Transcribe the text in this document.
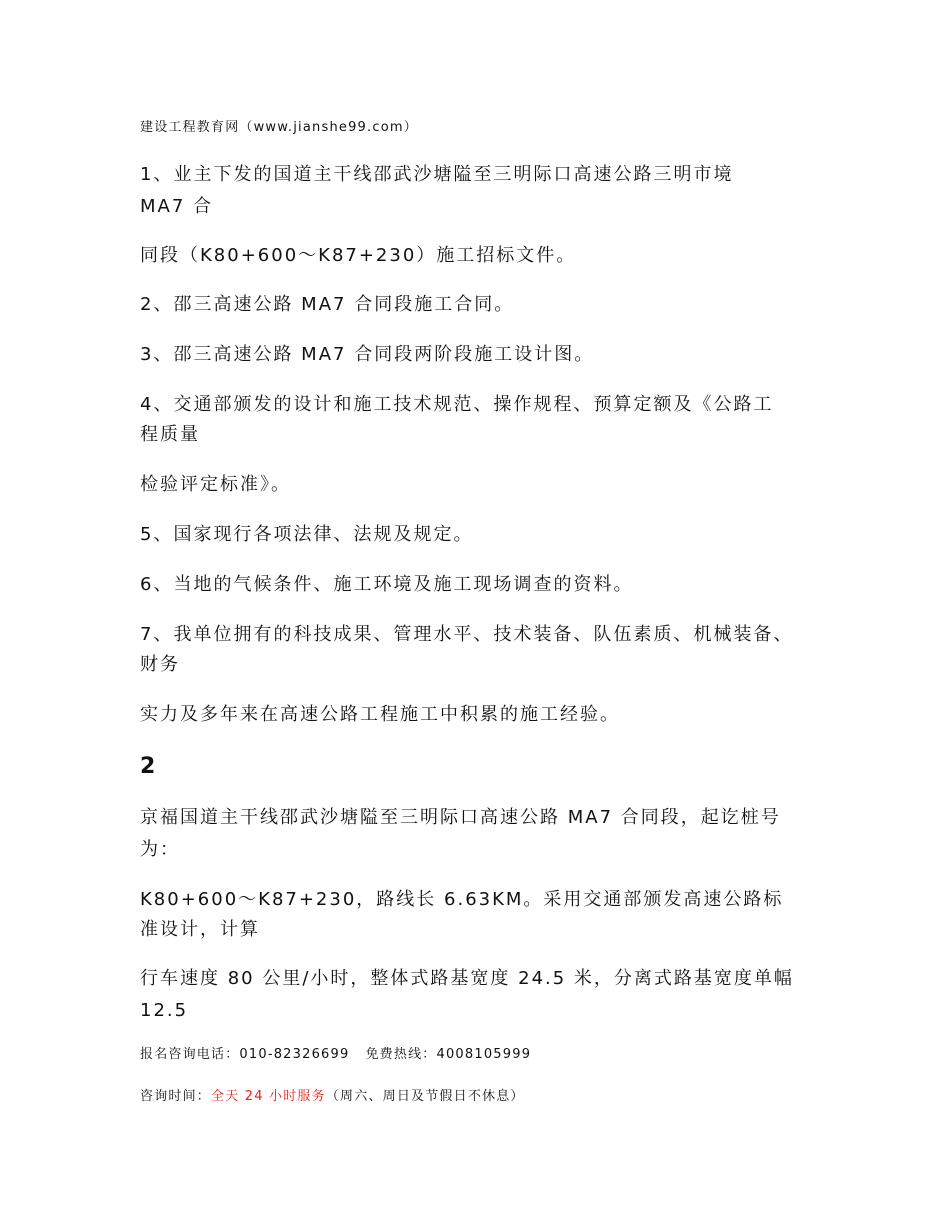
建设工程教育网（www.jianshe99.com）
1、业主下发的国道主干线邵武沙塘隘至三明际口高速公路三明市境
MA7 合
同段（K80+600～K87+230）施工招标文件。
2、邵三高速公路 MA7 合同段施工合同。
3、邵三高速公路 MA7 合同段两阶段施工设计图。
4、交通部颁发的设计和施工技术规范、操作规程、预算定额及《公路工
程质量
检验评定标准》。
5、国家现行各项法律、法规及规定。
6、当地的气候条件、施工环境及施工现场调查的资料。
7、我单位拥有的科技成果、管理水平、技术装备、队伍素质、机械装备、
财务
实力及多年来在高速公路工程施工中积累的施工经验。
2
京福国道主干线邵武沙塘隘至三明际口高速公路 MA7 合同段，起讫桩号
为：
K80+600～K87+230，路线长 6.63KM。采用交通部颁发高速公路标
准设计，计算
行车速度 80 公里/小时，整体式路基宽度 24.5 米，分离式路基宽度单幅
12.5
报名咨询电话：010-82326699 免费热线：4008105999
咨询时间：全天 24 小时服务（周六、周日及节假日不休息）
